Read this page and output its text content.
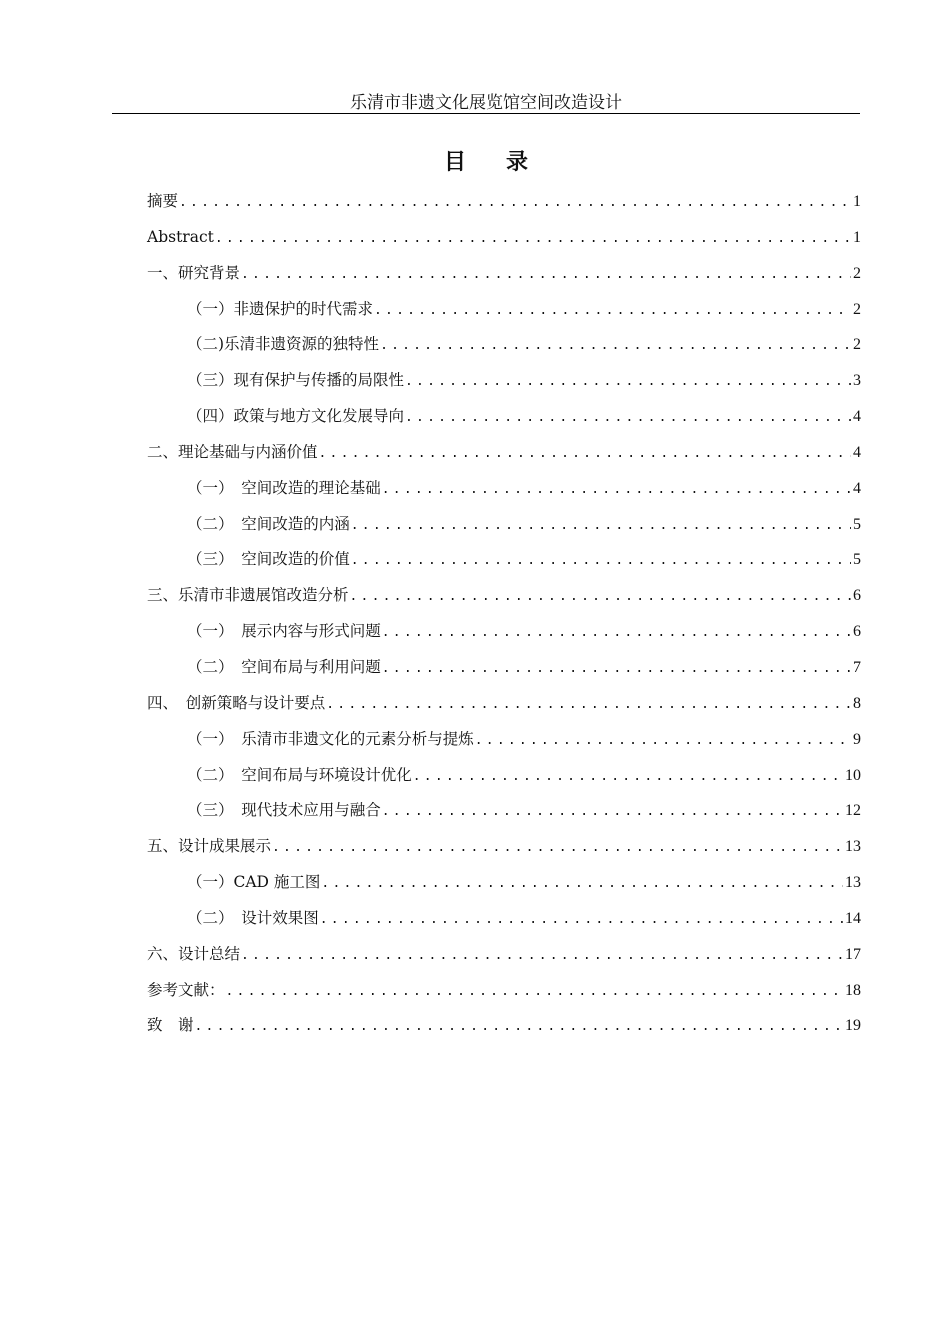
乐清市非遗文化展览馆空间改造设计
目录
摘要 .....	1
Abstract .....	1
一、研究背景 .....	2
（一）非遗保护的时代需求 .....	2
（二)乐清非遗资源的独特性 .....	2
（三）现有保护与传播的局限性 .....	3
（四）政策与地方文化发展导向 .....	4
二、理论基础与内涵价值 .....	4
（一）　空间改造的理论基础 .....	4
（二）　空间改造的内涵 .....	5
（三）　空间改造的价值 .....	5
三、乐清市非遗展馆改造分析 .....	6
（一）　展示内容与形式问题 .....	6
（二）　空间布局与利用问题 .....	7
四、　创新策略与设计要点 .....	8
（一）　乐清市非遗文化的元素分析与提炼 .....	9
（二）　空间布局与环境设计优化 .....	10
（三）　现代技术应用与融合 .....	12
五、设计成果展示 .....	13
（一）CAD 施工图 .....	13
（二）　设计效果图 .....	14
六、设计总结 .....	17
参考文献： .....	18
致　谢 .....	19
